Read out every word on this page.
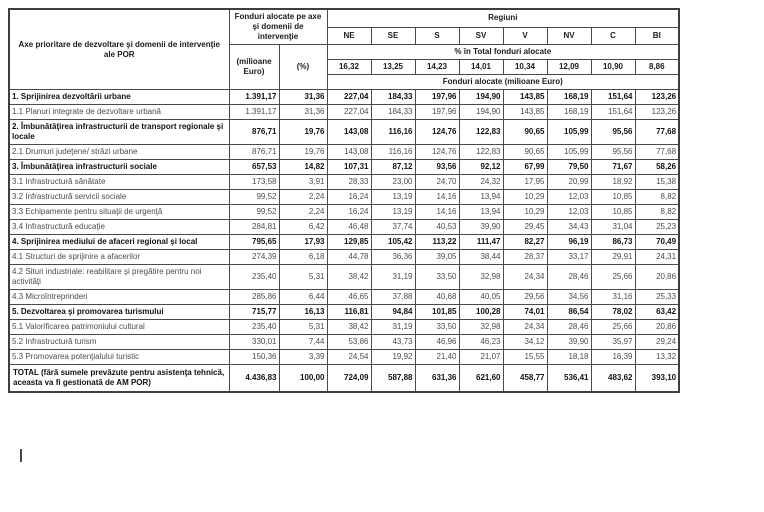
Axe prioritare de dezvoltare şi domenii de intervenţie ale POR	Fonduri alocate pe axe şi domenii de intervenţie		Regiuni							
			NE	SE	S	SV	V	NV	C	BI
	(milioane Euro)	(%)	% în Total fonduri alocate							
			16,32	13,25	14,23	14,01	10,34	12,09	10,90	8,86
			Fonduri alocate (milioane Euro)							
1. Sprijinirea dezvoltării urbane	1.391,17	31,36	227,04	184,33	197,96	194,90	143,85	168,19	151,64	123,26
1.1 Planuri integrate de dezvoltare urbană	1.391,17	31,36	227,04	184,33	197,96	194,90	143,85	168,19	151,64	123,26
2. Îmbunătăţirea infrastructurii de transport regionale şi locale	876,71	19,76	143,08	116,16	124,76	122,83	90,65	105,99	95,56	77,68
2.1 Drumuri judeţene/ străzi urbane	876,71	19,76	143,08	116,16	124,76	122,83	90,65	105,99	95,56	77,68
3. Îmbunătăţirea infrastructurii sociale	657,53	14,82	107,31	87,12	93,56	92,12	67,99	79,50	71,67	58,26
3.1 Infrastructură sănătate	173,58	3,91	28,33	23,00	24,70	24,32	17,95	20,99	18,92	15,38
3.2 Infrastructură servicii sociale	99,52	2,24	16,24	13,19	14,16	13,94	10,29	12,03	10,85	8,82
3.3 Echipamente pentru situaţii de urgenţă	99,52	2,24	16,24	13,19	14,16	13,94	10,29	12,03	10,85	8,82
3.4 Infrastructură educaţie	284,81	6,42	46,48	37,74	40,53	39,90	29,45	34,43	31,04	25,23
4. Sprijinirea mediului de afaceri regional şi local	795,65	17,93	129,85	105,42	113,22	111,47	82,27	96,19	86,73	70,49
4.1 Structuri de sprijinire a afacerilor	274,39	6,18	44,78	36,36	39,05	38,44	28,37	33,17	29,91	24,31
4.2 Situri industriale: reabilitare şi pregătire pentru noi activităţi	235,40	5,31	38,42	31,19	33,50	32,98	24,34	28,46	25,66	20,86
4.3 Microîntreprinderi	285,86	6,44	46,65	37,88	40,68	40,05	29,56	34,56	31,16	25,33
5. Dezvoltarea şi promovarea turismului	715,77	16,13	116,81	94,84	101,85	100,28	74,01	86,54	78,02	63,42
5.1 Valorificarea patrimoniului cultural	235,40	5,31	38,42	31,19	33,50	32,98	24,34	28,46	25,66	20,86
5.2 Infrastructură turism	330,01	7,44	53,86	43,73	46,96	46,23	34,12	39,90	35,97	29,24
5.3 Promovarea potenţialului turistic	150,36	3,39	24,54	19,92	21,40	21,07	15,55	18,18	16,39	13,32
TOTAL (fără sumele prevăzute pentru asistenţa tehnică, aceasta va fi gestionată de AM POR)	4.436,83	100,00	724,09	587,88	631,36	621,60	458,77	536,41	483,62	393,10
|
